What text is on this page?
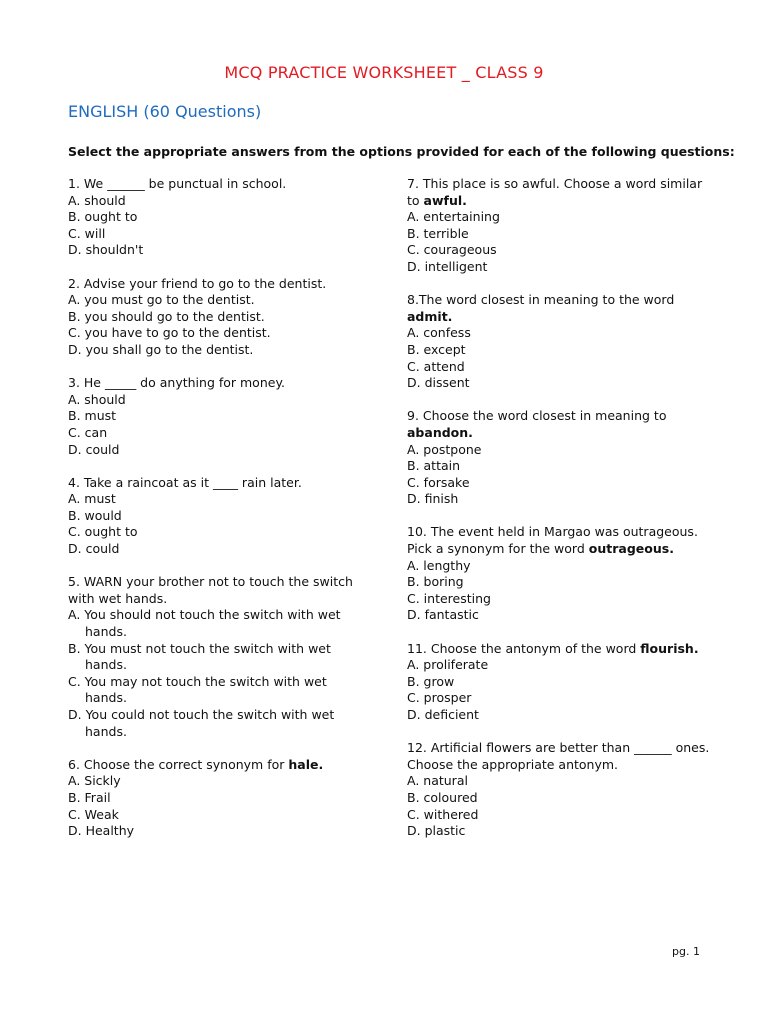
MCQ PRACTICE WORKSHEET _ CLASS 9
ENGLISH (60 Questions)
Select the appropriate answers from the options provided for each of the following questions:
1. We ______ be punctual in school.
A. should
B. ought to
C. will
D. shouldn't
2. Advise your friend to go to the dentist.
A. you must go to the dentist.
B. you should go to the dentist.
C. you have to go to the dentist.
D. you shall go to the dentist.
3. He _____ do anything for money.
A. should
B. must
C. can
D. could
4. Take a raincoat as it ____ rain later.
A. must
B. would
C. ought to
D. could
5. WARN your brother not to touch the switch with wet hands.
A. You should not touch the switch with wet hands.
B. You must not touch the switch with wet hands.
C. You may not touch the switch with wet hands.
D. You could not touch the switch with wet hands.
6. Choose the correct synonym for hale.
A. Sickly
B. Frail
C. Weak
D. Healthy
7. This place is so awful. Choose a word similar to awful.
A. entertaining
B. terrible
C. courageous
D. intelligent
8.The word closest in meaning to the word admit.
A. confess
B. except
C. attend
D. dissent
9. Choose the word closest in meaning to abandon.
A. postpone
B. attain
C. forsake
D. finish
10. The event held in Margao was outrageous. Pick a synonym for the word outrageous.
A. lengthy
B. boring
C. interesting
D. fantastic
11. Choose the antonym of the word flourish.
A. proliferate
B. grow
C. prosper
D. deficient
12. Artificial flowers are better than ______ ones. Choose the appropriate antonym.
A. natural
B. coloured
C. withered
D. plastic
pg. 1
